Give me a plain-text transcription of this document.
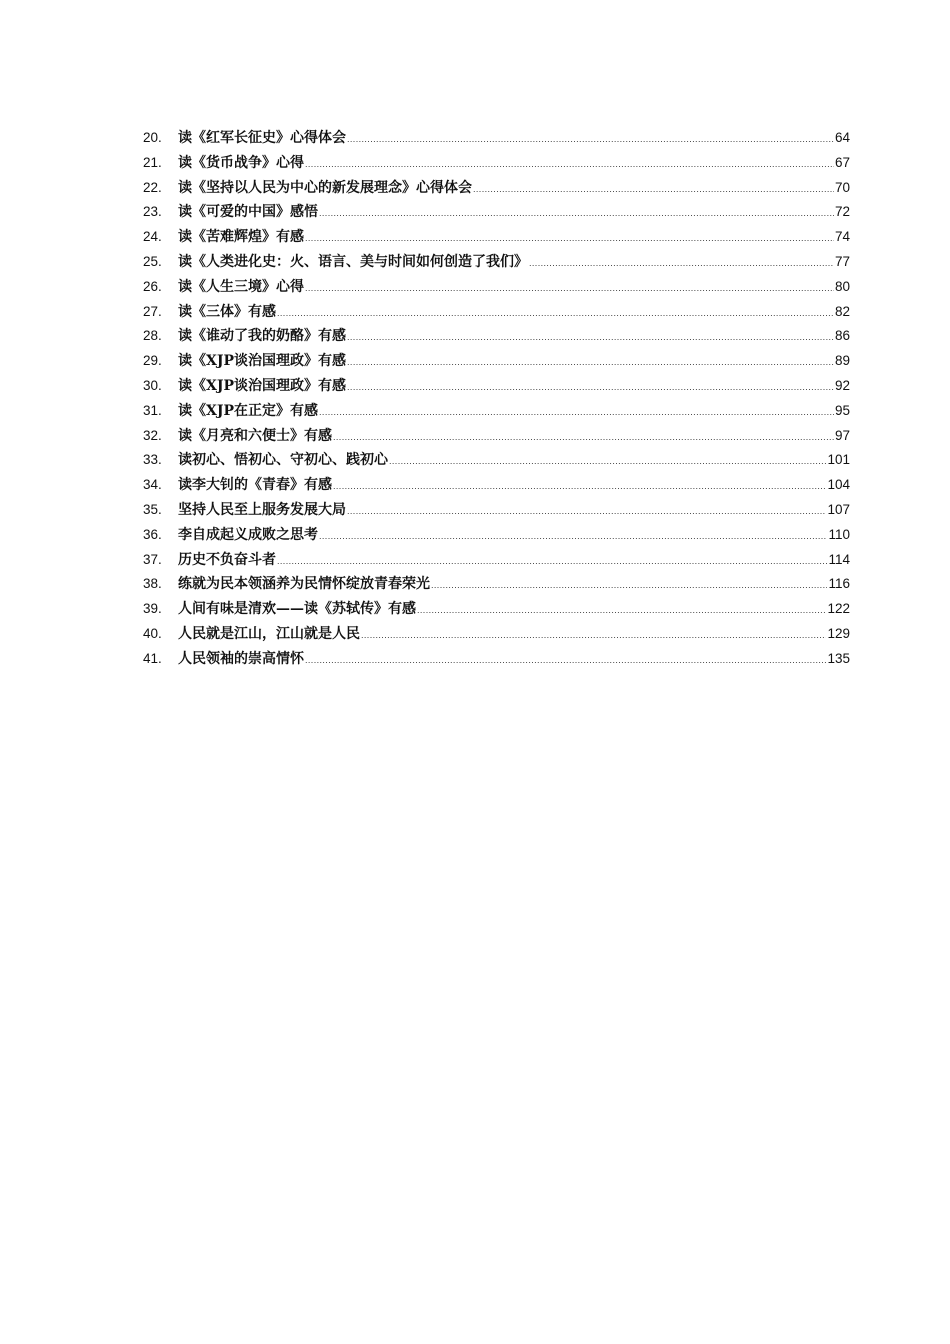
20.	读《红军长征史》心得体会 .....	64
21.	读《货币战争》心得 .....	67
22.	读《坚持以人民为中心的新发展理念》心得体会 .....	70
23.	读《可爱的中国》感悟 .....	72
24.	读《苦难辉煌》有感 .....	74
25.	读《人类进化史：火、语言、美与时间如何创造了我们》 .....	77
26.	读《人生三境》心得 .....	80
27.	读《三体》有感 .....	82
28.	读《谁动了我的奶酪》有感 .....	86
29.	读《XJP谈治国理政》有感 .....	89
30.	读《XJP谈治国理政》有感 .....	92
31.	读《XJP在正定》有感 .....	95
32.	读《月亮和六便士》有感 .....	97
33.	读初心、悟初心、守初心、践初心 .....	101
34.	读李大钊的《青春》有感 .....	104
35.	坚持人民至上服务发展大局 .....	107
36.	李自成起义成败之思考 .....	110
37.	历史不负奋斗者 .....	114
38.	练就为民本领涵养为民情怀绽放青春荣光 .....	116
39.	人间有味是清欢——读《苏轼传》有感 .....	122
40.	人民就是江山，江山就是人民 .....	129
41.	人民领袖的崇高情怀 .....	135
